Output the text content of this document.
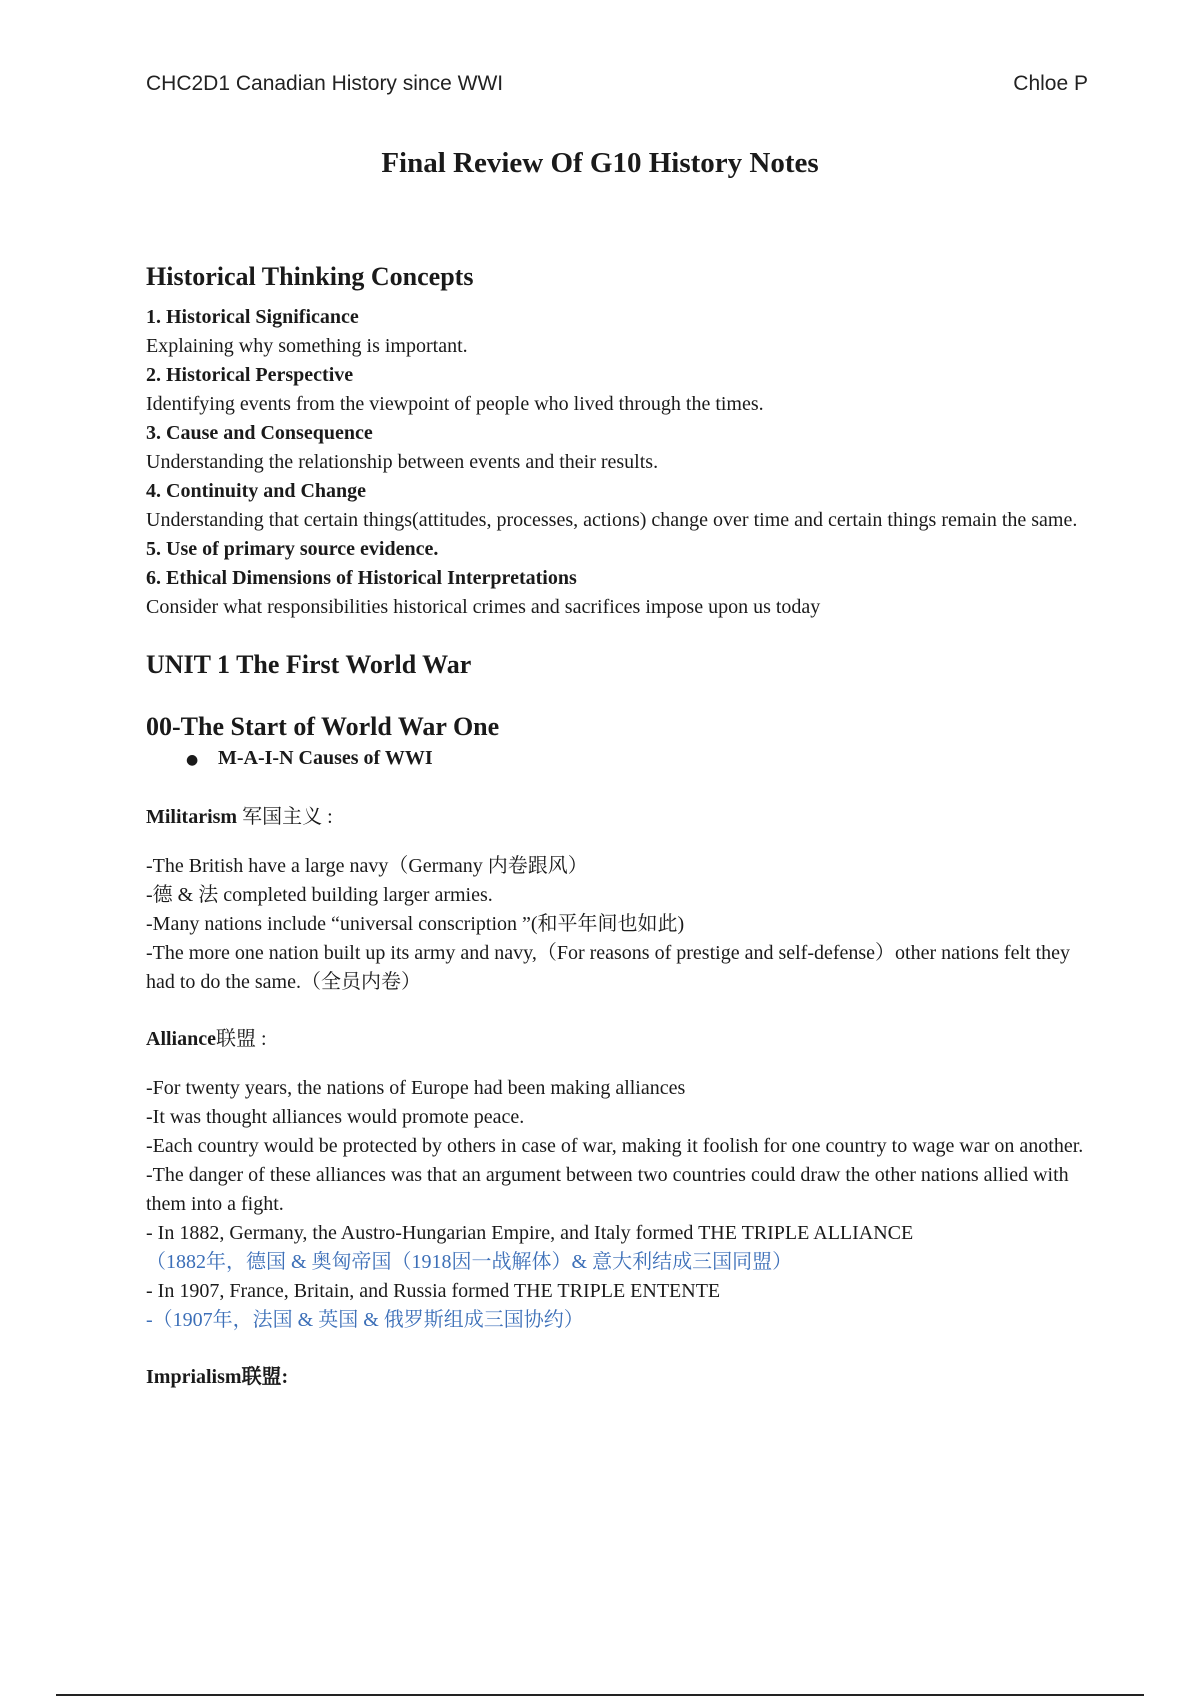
CHC2D1 Canadian History since WWI	Chloe P
Final Review Of G10 History Notes

Historical Thinking Concepts

1. Historical Significance

Explaining why something is important.

2. Historical Perspective

Identifying events from the viewpoint of people who lived through the times.

3. Cause and Consequence

Understanding the relationship between events and their results.

4. Continuity and Change

Understanding that certain things(attitudes, processes, actions) change over time and certain things remain the same.

5. Use of primary source evidence.

6. Ethical Dimensions of Historical Interpretations

Consider what responsibilities historical crimes and sacrifices impose upon us today

UNIT 1 The First World War

00-The Start of World War One

● M-A-I-N Causes of WWI

Militarism 军国主义 :

-The British have a large navy（Germany 内卷跟风）

-德 & 法 completed building larger armies.

-Many nations include “universal conscription ”(和平年间也如此)

-The more one nation built up its army and navy,（For reasons of prestige and self-defense）other nations felt they had to do the same.（全员内卷）

Alliance联盟 :

-For twenty years, the nations of Europe had been making alliances

-It was thought alliances would promote peace.

-Each country would be protected by others in case of war, making it foolish for one country to wage war on another.

-The danger of these alliances was that an argument between two countries could draw the other nations allied with them into a fight.

- In 1882, Germany, the Austro-Hungarian Empire, and Italy formed THE TRIPLE ALLIANCE

（1882年，德国 & 奥匈帝国（1918因一战解体）& 意大利结成三国同盟）

- In 1907, France, Britain, and Russia formed THE TRIPLE ENTENTE

-（1907年，法国 & 英国 & 俄罗斯组成三国协约）

Imprialism联盟:
